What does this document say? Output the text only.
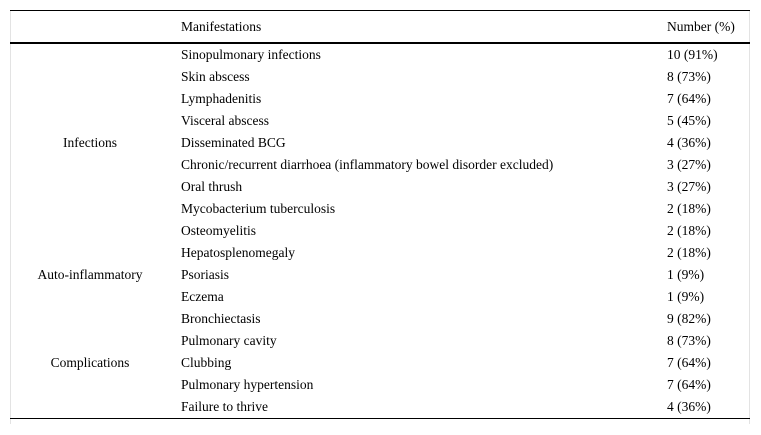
	Manifestations	Number (%)
	Sinopulmonary infections	10 (91%)
	Skin abscess	8 (73%)
	Lymphadenitis	7 (64%)
	Visceral abscess	5 (45%)
Infections	Disseminated BCG	4 (36%)
	Chronic/recurrent diarrhoea (inflammatory bowel disorder excluded)	3 (27%)
	Oral thrush	3 (27%)
	Mycobacterium tuberculosis	2 (18%)
	Osteomyelitis	2 (18%)
	Hepatosplenomegaly	2 (18%)
Auto-inflammatory	Psoriasis	1 (9%)
	Eczema	1 (9%)
	Bronchiectasis	9 (82%)
	Pulmonary cavity	8 (73%)
Complications	Clubbing	7 (64%)
	Pulmonary hypertension	7 (64%)
	Failure to thrive	4 (36%)
